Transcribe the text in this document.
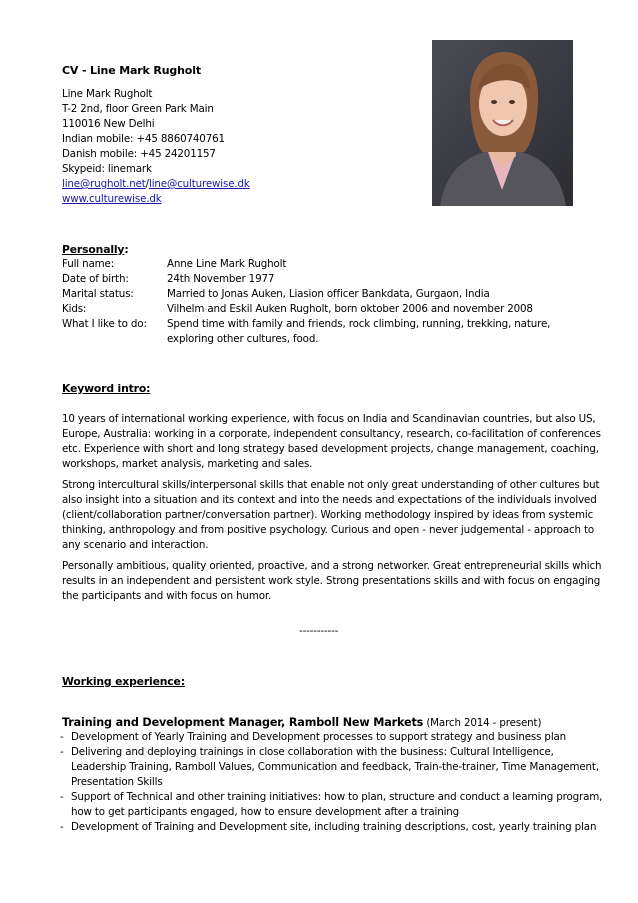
CV - Line Mark Rugholt
Line Mark Rugholt
T-2 2nd, floor Green Park Main
110016 New Delhi
Indian mobile: +45 8860740761
Danish mobile: +45 24201157
Skypeid: linemark
line@rugholt.net/line@culturewise.dk
www.culturewise.dk
Personally:
Full name:	Anne Line Mark Rugholt
Date of birth:	24th November 1977
Marital status:	Married to Jonas Auken, Liasion officer Bankdata, Gurgaon, India
Kids:	Vilhelm and Eskil Auken Rugholt, born oktober 2006 and november 2008
What I like to do: Spend time with family and friends, rock climbing, running, trekking, nature,
exploring other cultures, food.
Keyword intro:
10 years of international working experience, with focus on India and Scandinavian countries, but also US,
Europe, Australia: working in a corporate, independent consultancy, research, co-facilitation of conferences
etc. Experience with short and long strategy based development projects, change management, coaching,
workshops, market analysis, marketing and sales.
Strong intercultural skills/interpersonal skills that enable not only great understanding of other cultures but
also insight into a situation and its context and into the needs and expectations of the individuals involved
(client/collaboration partner/conversation partner). Working methodology inspired by ideas from systemic
thinking, anthropology and from positive psychology. Curious and open - never judgemental - approach to
any scenario and interaction.
Personally ambitious, quality oriented, proactive, and a strong networker. Great entrepreneurial skills which
results in an independent and persistent work style. Strong presentations skills and with focus on engaging
the participants and with focus on humor.
-----------
Working experience:
Training and Development Manager, Ramboll New Markets (March 2014 - present)
- Development of Yearly Training and Development processes to support strategy and business plan
- Delivering and deploying trainings in close collaboration with the business: Cultural Intelligence,
Leadership Training, Ramboll Values, Communication and feedback, Train-the-trainer, Time Management,
Presentation Skills
- Support of Technical and other training initiatives: how to plan, structure and conduct a learning program,
how to get participants engaged, how to ensure development after a training
- Development of Training and Development site, including training descriptions, cost, yearly training plan
